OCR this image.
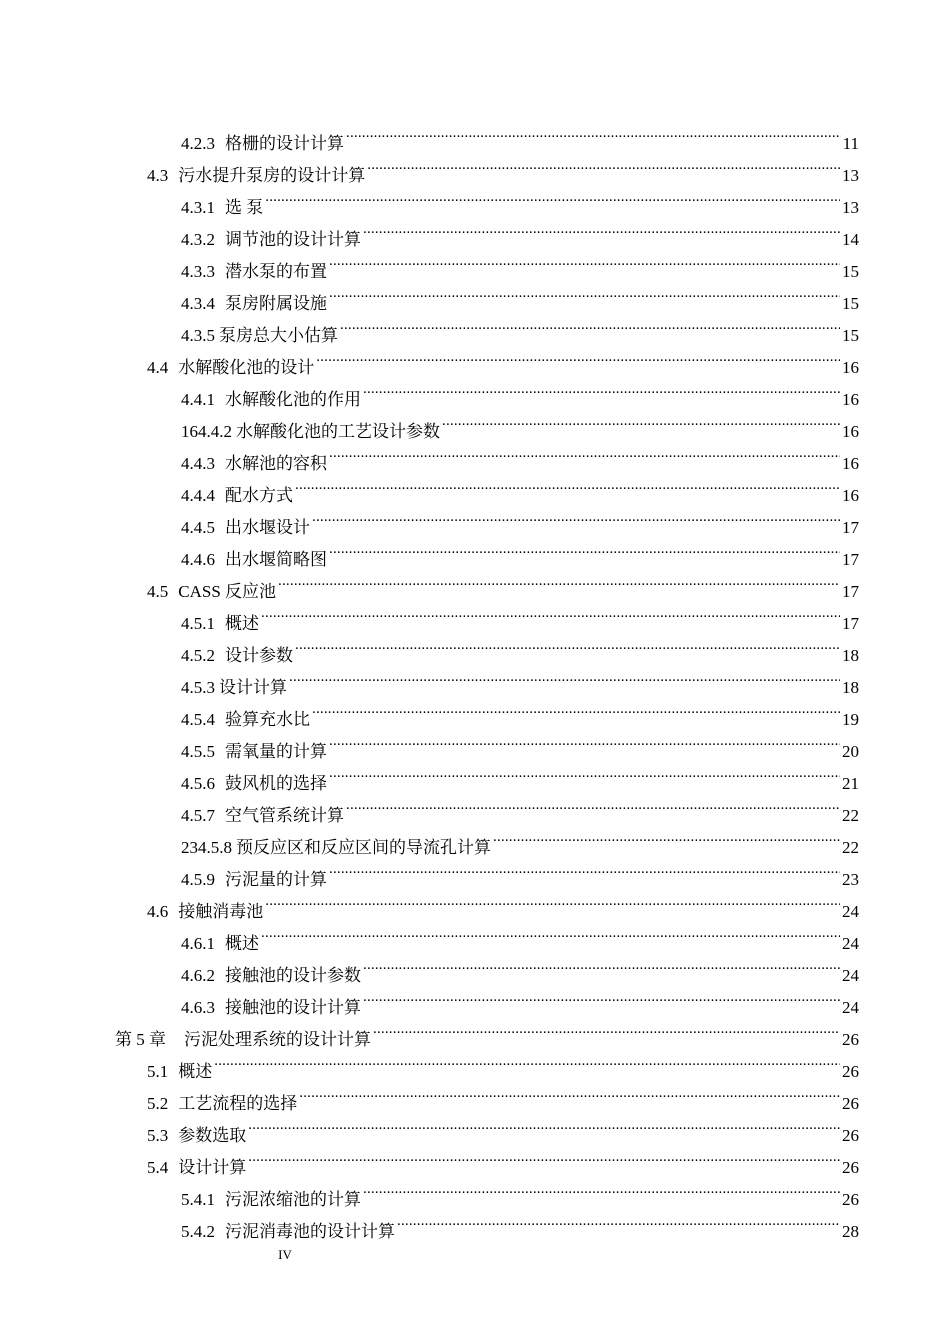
4.2.3 格栅的设计计算 .....	11
4.3 污水提升泵房的设计计算 .....	13
4.3.1 选 泵 .....	13
4.3.2 调节池的设计计算 .....	14
4.3.3 潜水泵的布置 .....	15
4.3.4 泵房附属设施 .....	15
4.3.5 泵房总大小估算 .....	15
4.4 水解酸化池的设计 .....	16
4.4.1 水解酸化池的作用 .....	16
164.4.2 水解酸化池的工艺设计参数 .....	16
4.4.3 水解池的容积 .....	16
4.4.4 配水方式 .....	16
4.4.5 出水堰设计 .....	17
4.4.6 出水堰简略图 .....	17
4.5 CASS 反应池 .....	17
4.5.1 概述 .....	17
4.5.2 设计参数 .....	18
4.5.3 设计计算 .....	18
4.5.4 验算充水比 .....	19
4.5.5 需氧量的计算 .....	20
4.5.6 鼓风机的选择 .....	21
4.5.7 空气管系统计算 .....	22
234.5.8 预反应区和反应区间的导流孔计算 .....	22
4.5.9 污泥量的计算 .....	23
4.6 接触消毒池 .....	24
4.6.1 概述 .....	24
4.6.2 接触池的设计参数 .....	24
4.6.3 接触池的设计计算 .....	24
第 5 章 污泥处理系统的设计计算 .....	26
5.1 概述 .....	26
5.2 工艺流程的选择 .....	26
5.3 参数选取 .....	26
5.4 设计计算 .....	26
5.4.1 污泥浓缩池的计算 .....	26
5.4.2 污泥消毒池的设计计算 .....	28
IV
